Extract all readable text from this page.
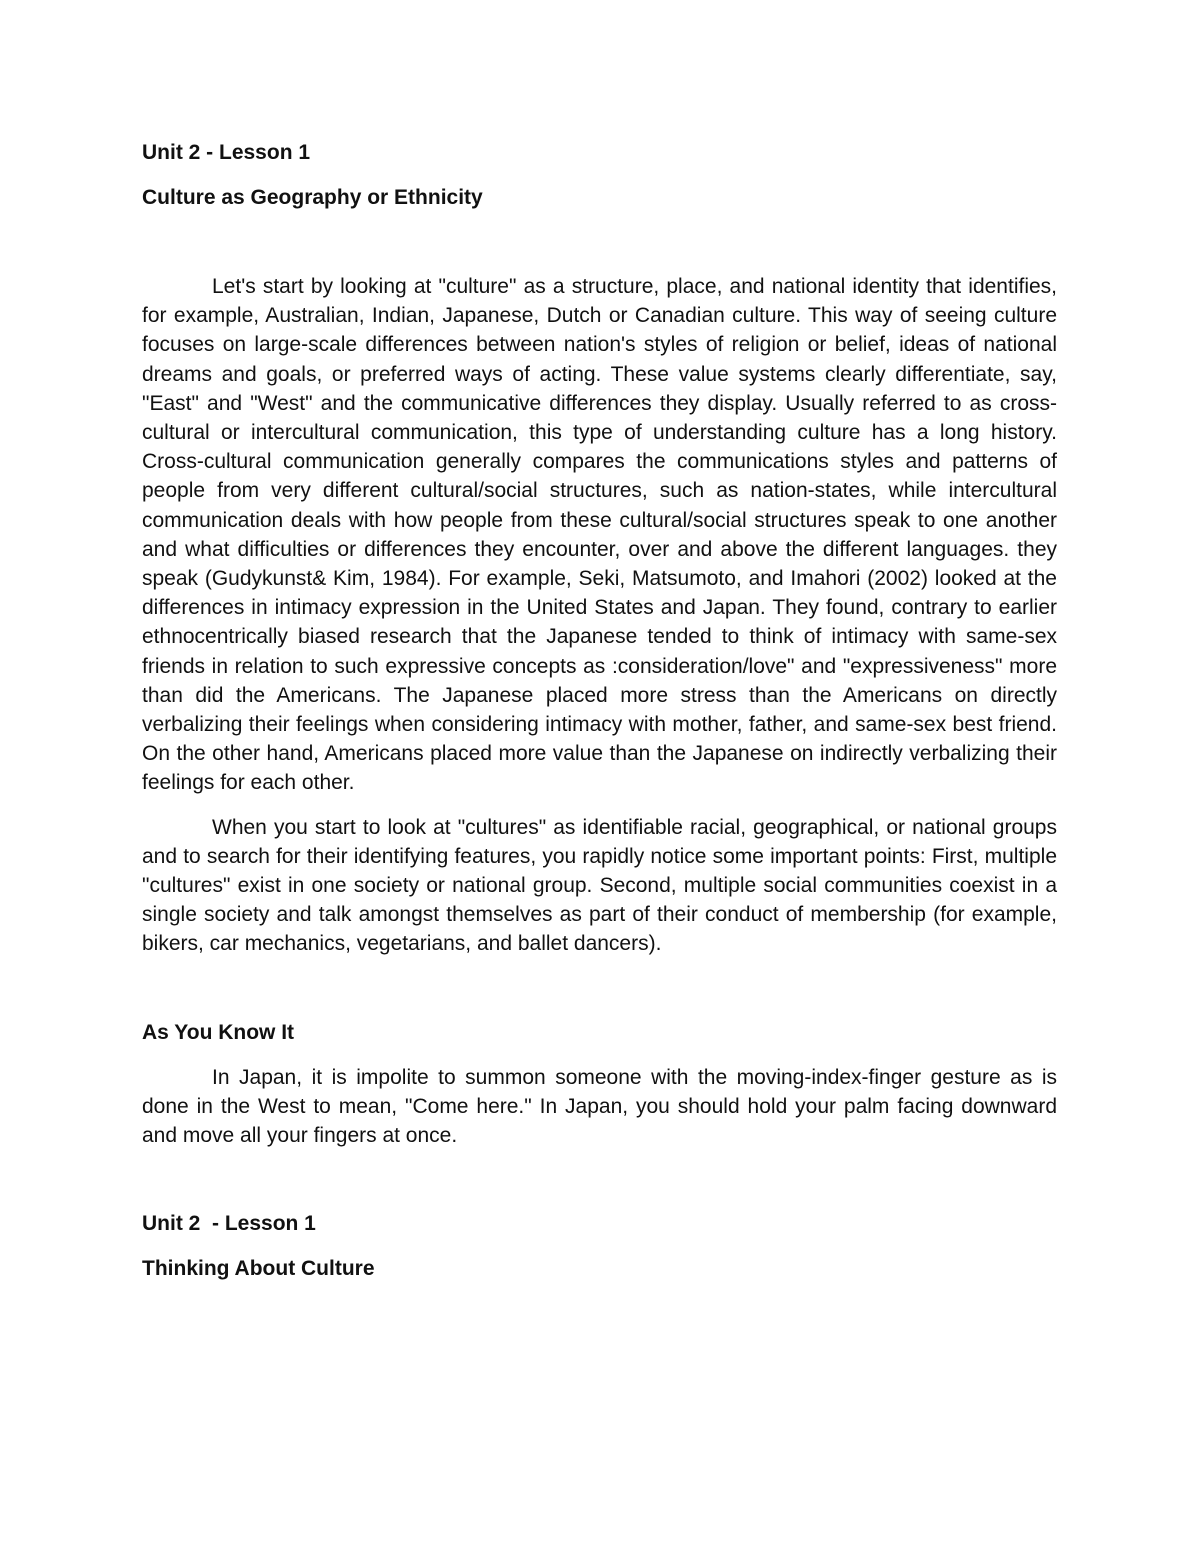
Unit 2 - Lesson 1

Culture as Geography or Ethnicity

Let's start by looking at "culture" as a structure, place, and national identity that identifies, for example, Australian, Indian, Japanese, Dutch or Canadian culture. This way of seeing culture focuses on large-scale differences between nation's styles of religion or belief, ideas of national dreams and goals, or preferred ways of acting. These value systems clearly differentiate, say, "East" and "West" and the communicative differences they display. Usually referred to as cross-cultural or intercultural communication, this type of understanding culture has a long history. Cross-cultural communication generally compares the communications styles and patterns of people from very different cultural/social structures, such as nation-states, while intercultural communication deals with how people from these cultural/social structures speak to one another and what difficulties or differences they encounter, over and above the different languages. they speak (Gudykunst& Kim, 1984). For example, Seki, Matsumoto, and Imahori (2002) looked at the differences in intimacy expression in the United States and Japan. They found, contrary to earlier ethnocentrically biased research that the Japanese tended to think of intimacy with same-sex friends in relation to such expressive concepts as :consideration/love" and "expressiveness" more than did the Americans. The Japanese placed more stress than the Americans on directly verbalizing their feelings when considering intimacy with mother, father, and same-sex best friend. On the other hand, Americans placed more value than the Japanese on indirectly verbalizing their feelings for each other.

When you start to look at "cultures" as identifiable racial, geographical, or national groups and to search for their identifying features, you rapidly notice some important points: First, multiple "cultures" exist in one society or national group. Second, multiple social communities coexist in a single society and talk amongst themselves as part of their conduct of membership (for example, bikers, car mechanics, vegetarians, and ballet dancers).

As You Know It

In Japan, it is impolite to summon someone with the moving-index-finger gesture as is done in the West to mean, "Come here." In Japan, you should hold your palm facing downward and move all your fingers at once.

Unit 2  - Lesson 1

Thinking About Culture
